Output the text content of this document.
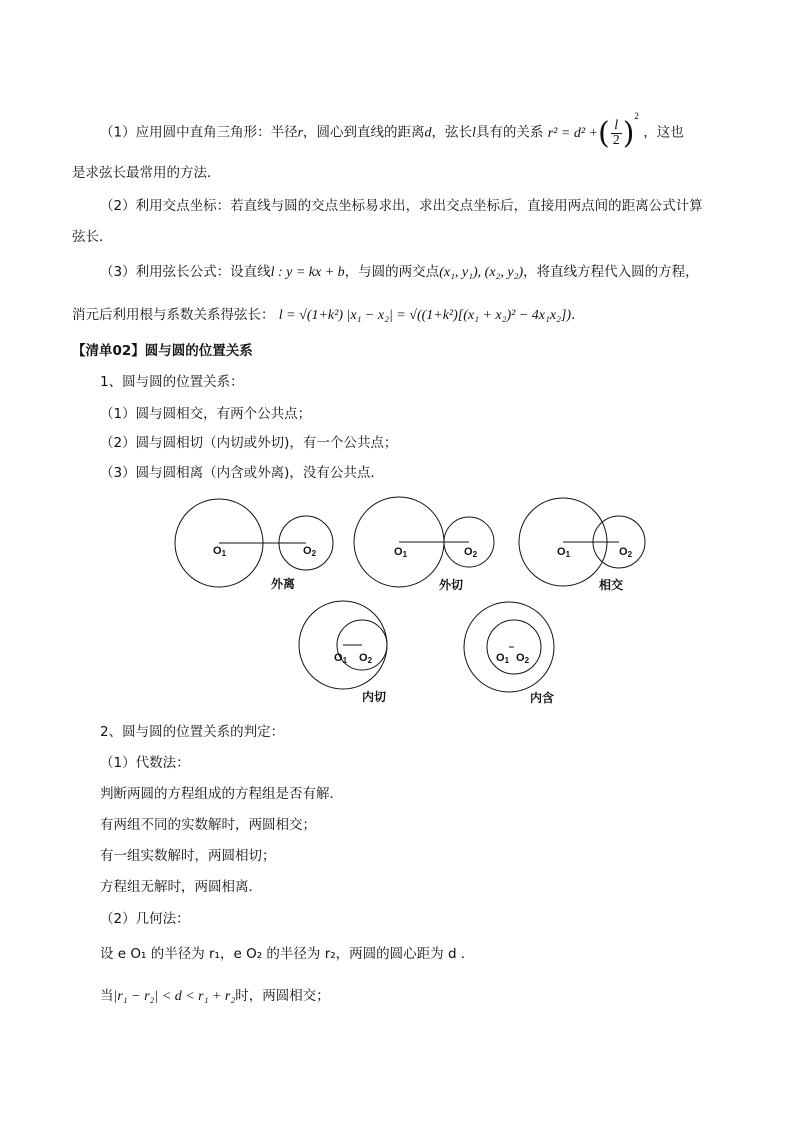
（1）应用圆中直角三角形：半径r，圆心到直线的距离d，弦长l具有的关系 r² = d² +( $\frac{l}{2} )^2$ ，这也
是求弦长最常用的方法．
（2）利用交点坐标：若直线与圆的交点坐标易求出，求出交点坐标后，直接用两点间的距离公式计算
弦长．
（3）利用弦长公式：设直线l : y = kx + b，与圆的两交点(x₁, y₁), (x₂, y₂)，将直线方程代入圆的方程，
消元后利用根与系数关系得弦长： l = √(1+k²) |x₁ − x₂| = √((1+k²)[(x₁ + x₂)² − 4x₁x₂])．
【清单02】圆与圆的位置关系
1、圆与圆的位置关系：
（1）圆与圆相交，有两个公共点；
（2）圆与圆相切（内切或外切)，有一个公共点；
（3）圆与圆相离（内含或外离)，没有公共点．
O1	O2	O1	O2	O1	O2
O1 O2	O1 O2
外离	外切	相交
内切	内含
2、圆与圆的位置关系的判定：
（1）代数法：
判断两圆的方程组成的方程组是否有解．
有两组不同的实数解时，两圆相交；
有一组实数解时，两圆相切；
方程组无解时，两圆相离．
（2）几何法：
设 e O₁ 的半径为 r₁，e O₂ 的半径为 r₂，两圆的圆心距为 d ．
当|r₁ − r₂| < d < r₁ + r₂时，两圆相交；
